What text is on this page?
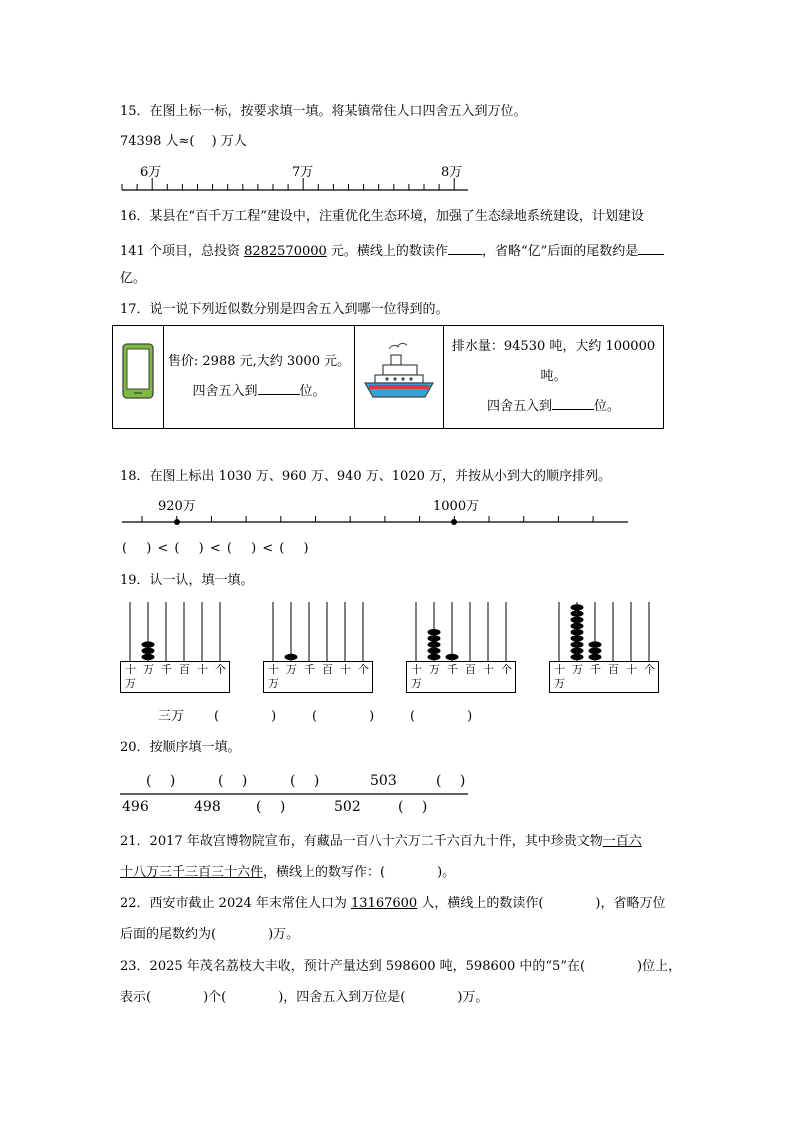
15．在图上标一标，按要求填一填。将某镇常住人口四舍五入到万位。
74398 人≈(　 ) 万人
6万	7万	8万
16．某县在“百千万工程”建设中，注重优化生态环境，加强了生态绿地系统建设，计划建设
141 个项目，总投资 8282570000 元。横线上的数读作	，省略“亿”后面的尾数约是
亿。
17．说一说下列近似数分别是四舍五入到哪一位得到的。

售价: 2988 元,大约 3000 元。
四舍五入到	位。

排水量：94530 吨，大约 100000
吨。
四舍五入到	位。
18．在图上标出 1030 万、960 万、940 万、1020 万，并按从小到大的顺序排列。
920万	1000万
(　 ) < (　 ) < (　 ) < (　 )
19．认一认，填一填。
十 万 千 百 十 个
万
十 万 千 百 十 个
万
十 万 千 百 十 个
万
十 万 千 百 十 个
万
三万 (　　　　)	(　　　　)	(　　　　)
20．按顺序填一填。
(　 )	(　 )	(　 )	503	(　 )
496	498	(　 )	502	(　 )
21．2017 年故宫博物院宣布，有藏品一百八十六万二千六百九十件，其中珍贵文物一百六
十八万三千三百三十六件，横线上的数写作：(　　　　)。
22．西安市截止 2024 年末常住人口为 13167600 人，横线上的数读作(　　　　)，省略万位
后面的尾数约为(　　　　)万。
23．2025 年茂名荔枝大丰收，预计产量达到 598600 吨，598600 中的“5”在(　　　　)位上，
表示(　　　　)个(　　　　)，四舍五入到万位是(　　　　)万。
